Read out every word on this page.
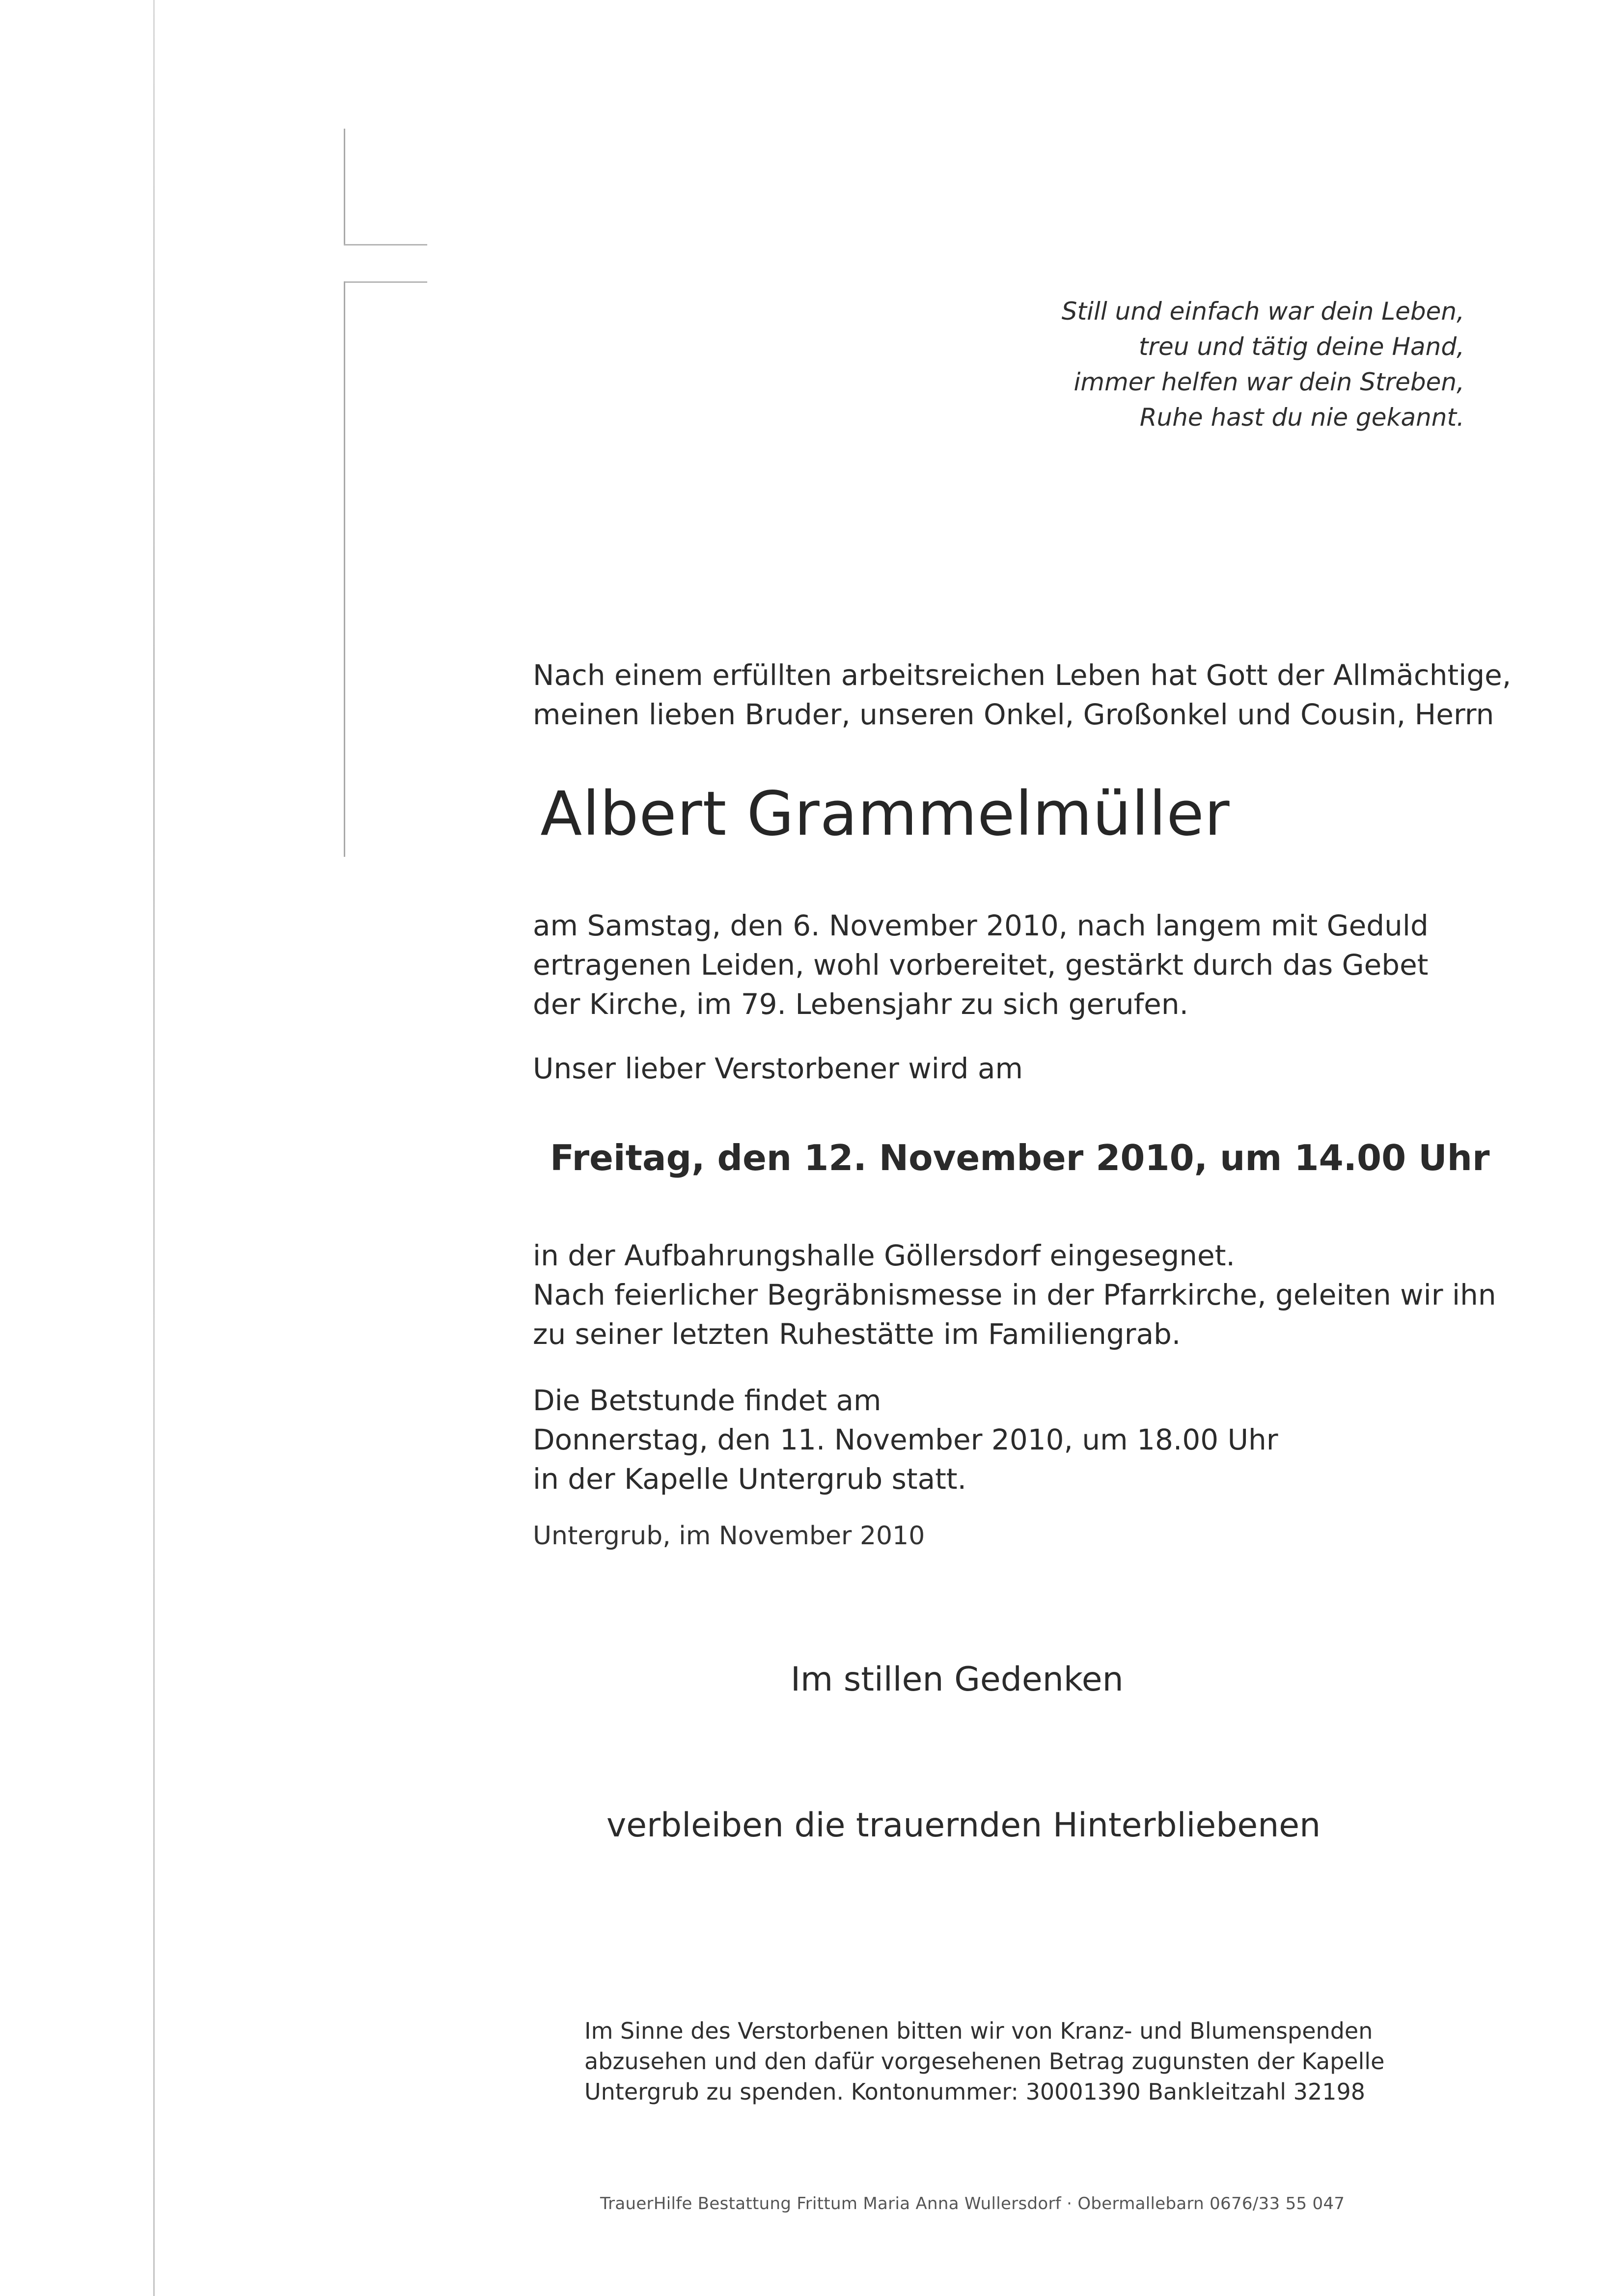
Still und einfach war dein Leben,
treu und tätig deine Hand,
immer helfen war dein Streben,
Ruhe hast du nie gekannt.
Nach einem erfüllten arbeitsreichen Leben hat Gott der Allmächtige,
meinen lieben Bruder, unseren Onkel, Großonkel und Cousin, Herrn
Albert Grammelmüller
am Samstag, den 6. November 2010, nach langem mit Geduld
ertragenen Leiden, wohl vorbereitet, gestärkt durch das Gebet
der Kirche, im 79. Lebensjahr zu sich gerufen.
Unser lieber Verstorbener wird am
Freitag, den 12. November 2010, um 14.00 Uhr
in der Aufbahrungshalle Göllersdorf eingesegnet.
Nach feierlicher Begräbnismesse in der Pfarrkirche, geleiten wir ihn
zu seiner letzten Ruhestätte im Familiengrab.
Die Betstunde findet am
Donnerstag, den 11. November 2010, um 18.00 Uhr
in der Kapelle Untergrub statt.
Untergrub, im November 2010
Im stillen Gedenken
verbleiben die trauernden Hinterbliebenen
Im Sinne des Verstorbenen bitten wir von Kranz- und Blumenspenden
abzusehen und den dafür vorgesehenen Betrag zugunsten der Kapelle
Untergrub zu spenden. Kontonummer: 30001390 Bankleitzahl 32198
TrauerHilfe Bestattung Frittum Maria Anna Wullersdorf · Obermallebarn 0676/33 55 047
